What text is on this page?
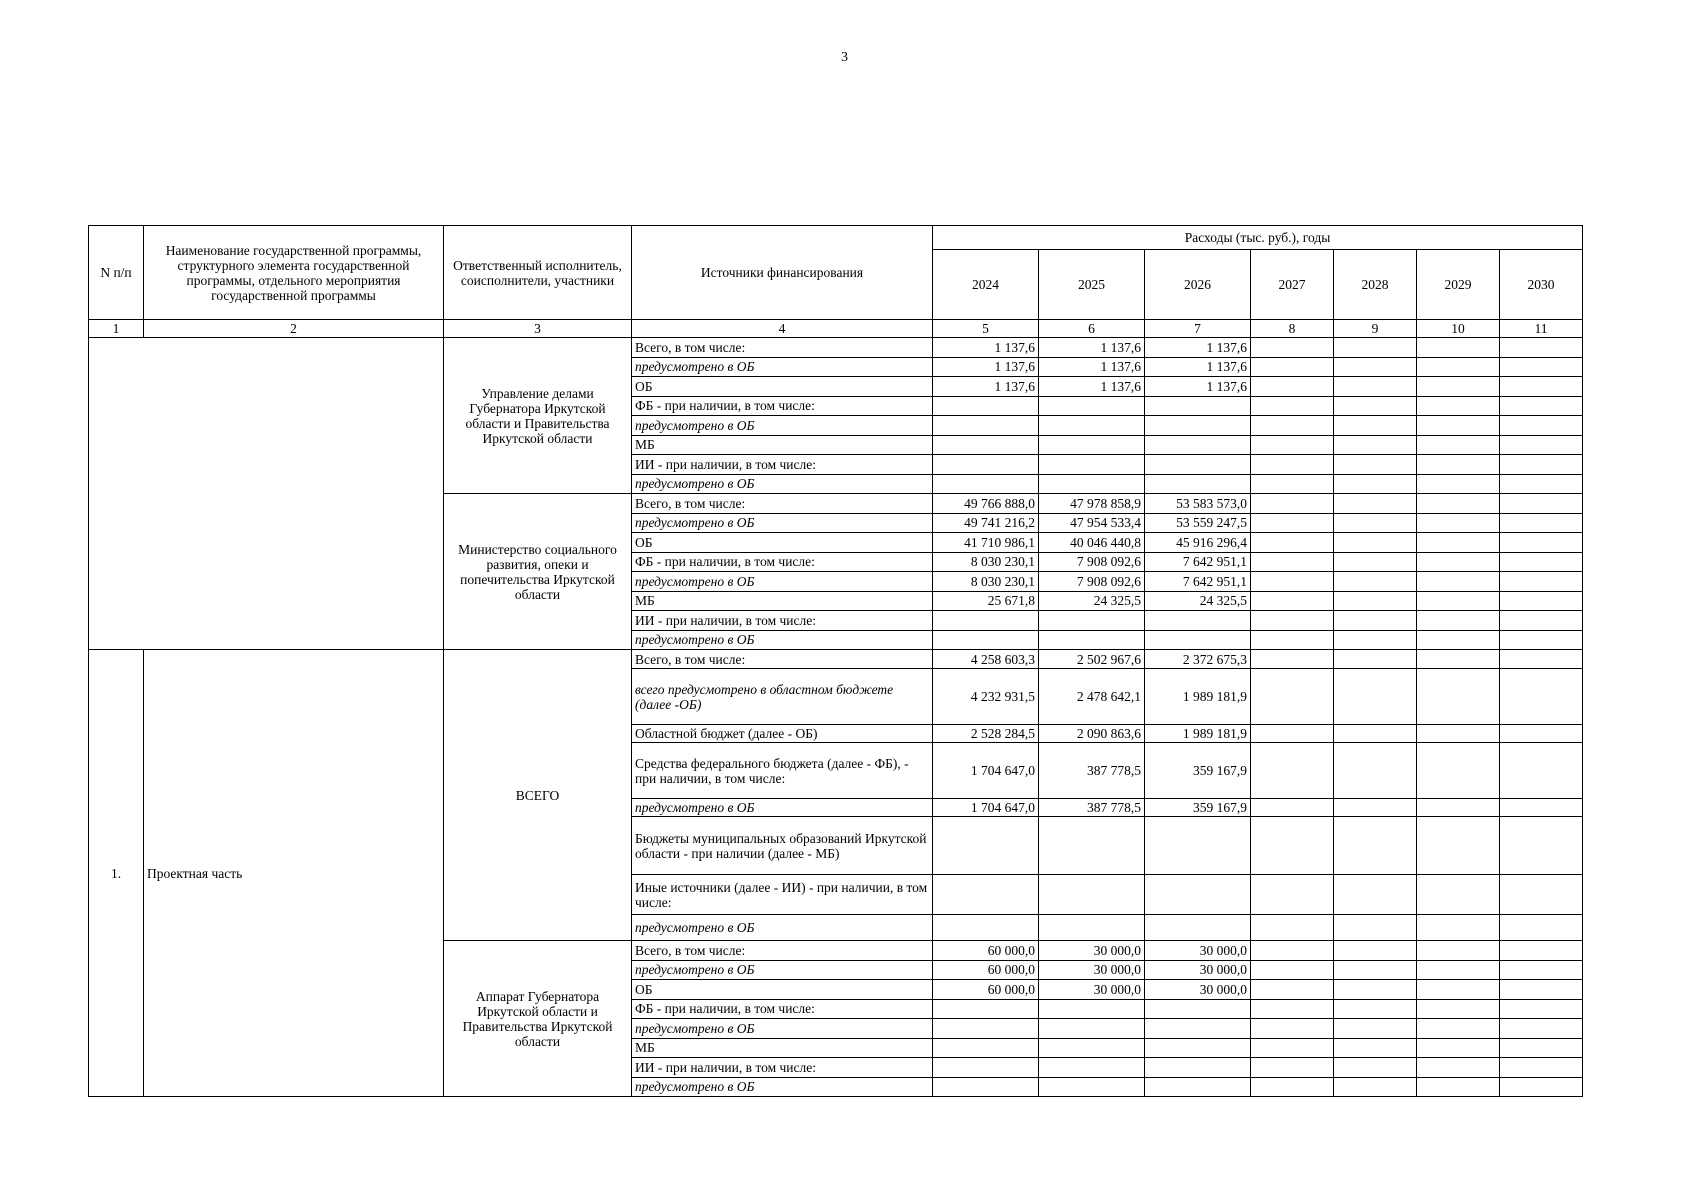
3
N п/п	Наименование государственной программы, структурного элемента государственной программы, отдельного мероприятия государственной программы	Ответственный исполнитель, соисполнители, участники	Источники финансирования	Расходы (тыс. руб.), годы						
				2024	2025	2026	2027	2028	2029	2030
1	2	3	4	5	6	7	8	9	10	11
		Управление делами Губернатора Иркутской области и Правительства Иркутской области	Всего, в том числе:	1 137,6	1 137,6	1 137,6				
			предусмотрено в ОБ	1 137,6	1 137,6	1 137,6				
			ОБ	1 137,6	1 137,6	1 137,6				
			ФБ - при наличии, в том числе:							
			предусмотрено в ОБ							
			МБ							
			ИИ - при наличии, в том числе:							
			предусмотрено в ОБ							
		Министерство социального развития, опеки и попечительства Иркутской области	Всего, в том числе:	49 766 888,0	47 978 858,9	53 583 573,0				
			предусмотрено в ОБ	49 741 216,2	47 954 533,4	53 559 247,5				
			ОБ	41 710 986,1	40 046 440,8	45 916 296,4				
			ФБ - при наличии, в том числе:	8 030 230,1	7 908 092,6	7 642 951,1				
			предусмотрено в ОБ	8 030 230,1	7 908 092,6	7 642 951,1				
			МБ	25 671,8	24 325,5	24 325,5				
			ИИ - при наличии, в том числе:							
			предусмотрено в ОБ							
1.	Проектная часть	ВСЕГО	Всего, в том числе:	4 258 603,3	2 502 967,6	2 372 675,3				
			всего предусмотрено в областном бюджете (далее -ОБ)	4 232 931,5	2 478 642,1	1 989 181,9				
			Областной бюджет (далее - ОБ)	2 528 284,5	2 090 863,6	1 989 181,9				
			Средства федерального бюджета (далее - ФБ), - при наличии, в том числе:	1 704 647,0	387 778,5	359 167,9				
			предусмотрено в ОБ	1 704 647,0	387 778,5	359 167,9				
			Бюджеты муниципальных образований Иркутской области - при наличии (далее - МБ)							
			Иные источники (далее - ИИ) - при наличии, в том числе:							
			предусмотрено в ОБ							
		Аппарат Губернатора Иркутской области и Правительства Иркутской области	Всего, в том числе:	60 000,0	30 000,0	30 000,0				
			предусмотрено в ОБ	60 000,0	30 000,0	30 000,0				
			ОБ	60 000,0	30 000,0	30 000,0				
			ФБ - при наличии, в том числе:							
			предусмотрено в ОБ							
			МБ							
			ИИ - при наличии, в том числе:							
			предусмотрено в ОБ							
